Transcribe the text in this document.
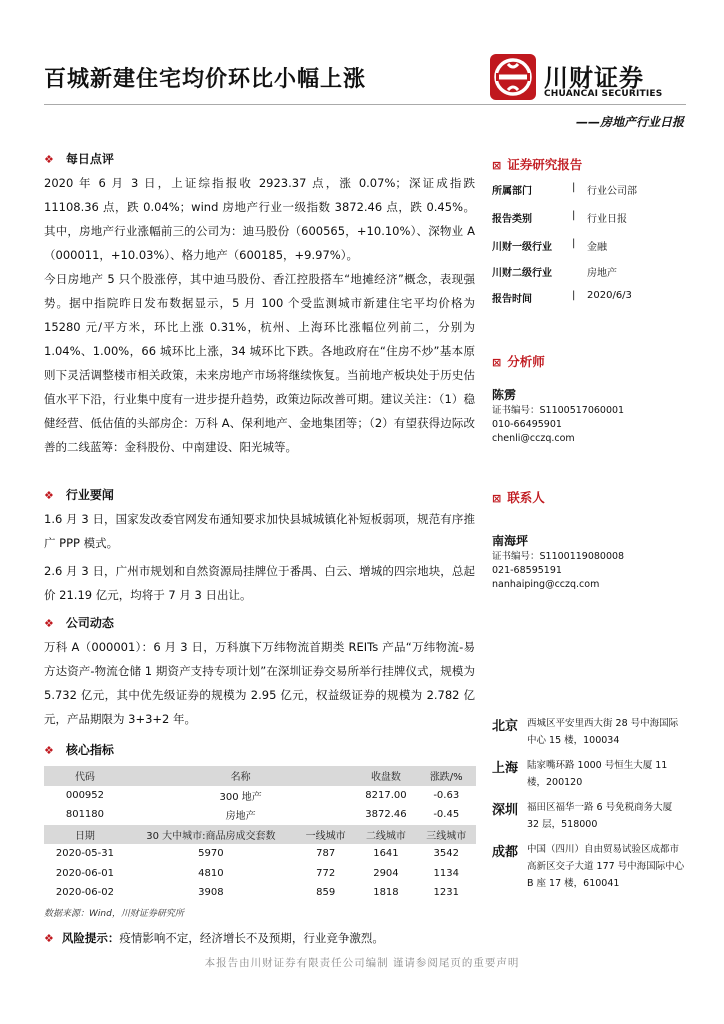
百城新建住宅均价环比小幅上涨	川财证券
CHUANCAI SECURITIES
——房地产行业日报
❖ 每日点评
2020 年 6 月 3 日，上证综指报收 2923.37 点，涨 0.07%；深证成指跌 11108.36 点，跌 0.04%；wind 房地产行业一级指数 3872.46 点，跌 0.45%。其中，房地产行业涨幅前三的公司为：迪马股份（600565，+10.10%）、深物业 A（000011，+10.03%）、格力地产（600185，+9.97%）。
今日房地产 5 只个股涨停，其中迪马股份、香江控股搭车“地摊经济”概念，表现强势。据中指院昨日发布数据显示，5 月 100 个受监测城市新建住宅平均价格为 15280 元/平方米，环比上涨 0.31%，杭州、上海环比涨幅位列前二，分别为 1.04%、1.00%，66 城环比上涨，34 城环比下跌。各地政府在“住房不炒”基本原则下灵活调整楼市相关政策，未来房地产市场将继续恢复。当前地产板块处于历史估值水平下沿，行业集中度有一进步提升趋势，政策边际改善可期。建议关注：（1）稳健经营、低估值的头部房企：万科 A、保利地产、金地集团等；（2）有望获得边际改善的二线蓝筹：金科股份、中南建设、阳光城等。
❖ 行业要闻
1.6 月 3 日，国家发改委官网发布通知要求加快县城城镇化补短板弱项，规范有序推广 PPP 模式。
2.6 月 3 日，广州市规划和自然资源局挂牌位于番禺、白云、增城的四宗地块，总起价 21.19 亿元，均将于 7 月 3 日出让。
❖ 公司动态
万科 A（000001）：6 月 3 日，万科旗下万纬物流首期类 REITs 产品“万纬物流-易方达资产-物流仓储 1 期资产支持专项计划”在深圳证券交易所举行挂牌仪式，规模为 5.732 亿元，其中优先级证券的规模为 2.95 亿元，权益级证券的规模为 2.782 亿元，产品期限为 3+3+2 年。
❖ 核心指标
代码	名称		收盘数	涨跌/%
000952	300 地产		8217.00	-0.63
801180	房地产		3872.46	-0.45
日期	30 大中城市:商品房成交套数	一线城市	二线城市	三线城市
2020-05-31	5970	787	1641	3542
2020-06-01	4810	772	2904	1134
2020-06-02	3908	859	1818	1231
数据来源：Wind，川财证券研究所
❖ 风险提示：疫情影响不定，经济增长不及预期，行业竞争激烈。
本报告由川财证券有限责任公司编制 谨请参阅尾页的重要声明
⊠ 证券研究报告
所属部门	| 行业公司部
报告类别	| 行业日报
川财一级行业 | 金融
川财二级行业	房地产
报告时间	| 2020/6/3
⊠ 分析师
陈雳
证书编号：S1100517060001
010-66495901
chenli@cczq.com
⊠ 联系人
南海坪
证书编号：S1100119080008
021-68595191
nanhaiping@cczq.com
北京 西城区平安里西大街 28 号中海国际中心 15 楼，100034
上海 陆家嘴环路 1000 号恒生大厦 11 楼，200120
深圳 福田区福华一路 6 号免税商务大厦 32 层，518000
成都 中国（四川）自由贸易试验区成都市高新区交子大道 177 号中海国际中心 B 座 17 楼，610041
